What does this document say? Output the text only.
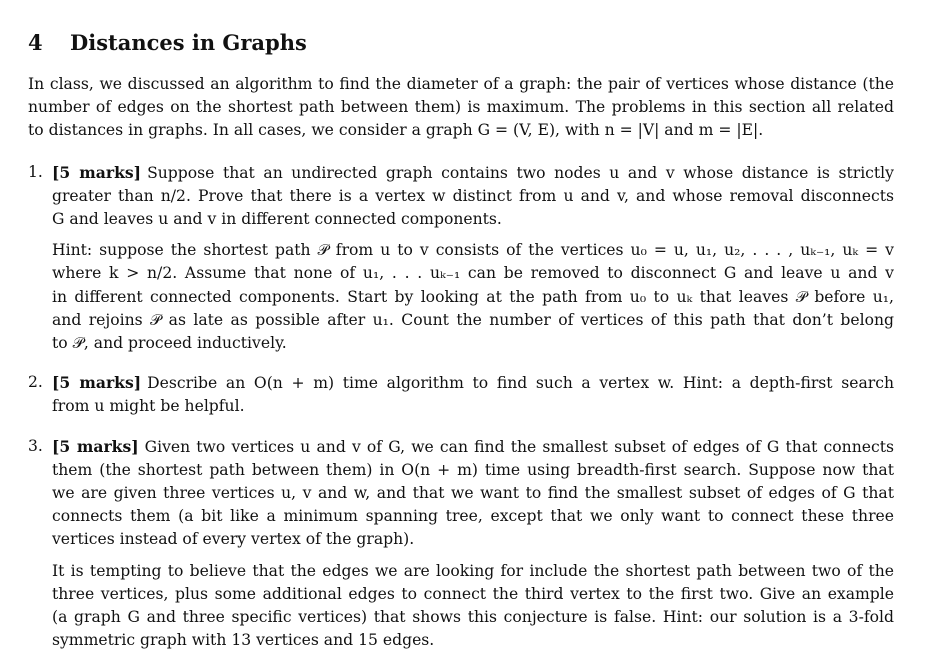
4 Distances in Graphs

In class, we discussed an algorithm to find the diameter of a graph: the pair of vertices whose distance (the
number of edges on the shortest path between them) is maximum. The problems in this section all related
to distances in graphs. In all cases, we consider a graph G = (V, E), with n = |V| and m = |E|.

1. [5 marks] Suppose that an undirected graph contains two nodes u and v whose distance is strictly
greater than n/2. Prove that there is a vertex w distinct from u and v, and whose removal disconnects
G and leaves u and v in different connected components.

Hint: suppose the shortest path 𝒫 from u to v consists of the vertices u₀ = u, u₁, u₂, . . . , uₖ₋₁, uₖ = v
where k > n/2. Assume that none of u₁, . . . uₖ₋₁ can be removed to disconnect G and leave u and v
in different connected components. Start by looking at the path from u₀ to uₖ that leaves 𝒫 before u₁,
and rejoins 𝒫 as late as possible after u₁. Count the number of vertices of this path that don’t belong
to 𝒫, and proceed inductively.

2. [5 marks] Describe an O(n + m) time algorithm to find such a vertex w. Hint: a depth-first search
from u might be helpful.

3. [5 marks] Given two vertices u and v of G, we can find the smallest subset of edges of G that connects
them (the shortest path between them) in O(n + m) time using breadth-first search. Suppose now that
we are given three vertices u, v and w, and that we want to find the smallest subset of edges of G that
connects them (a bit like a minimum spanning tree, except that we only want to connect these three
vertices instead of every vertex of the graph).

It is tempting to believe that the edges we are looking for include the shortest path between two of the
three vertices, plus some additional edges to connect the third vertex to the first two. Give an example
(a graph G and three specific vertices) that shows this conjecture is false. Hint: our solution is a 3-fold
symmetric graph with 13 vertices and 15 edges.
